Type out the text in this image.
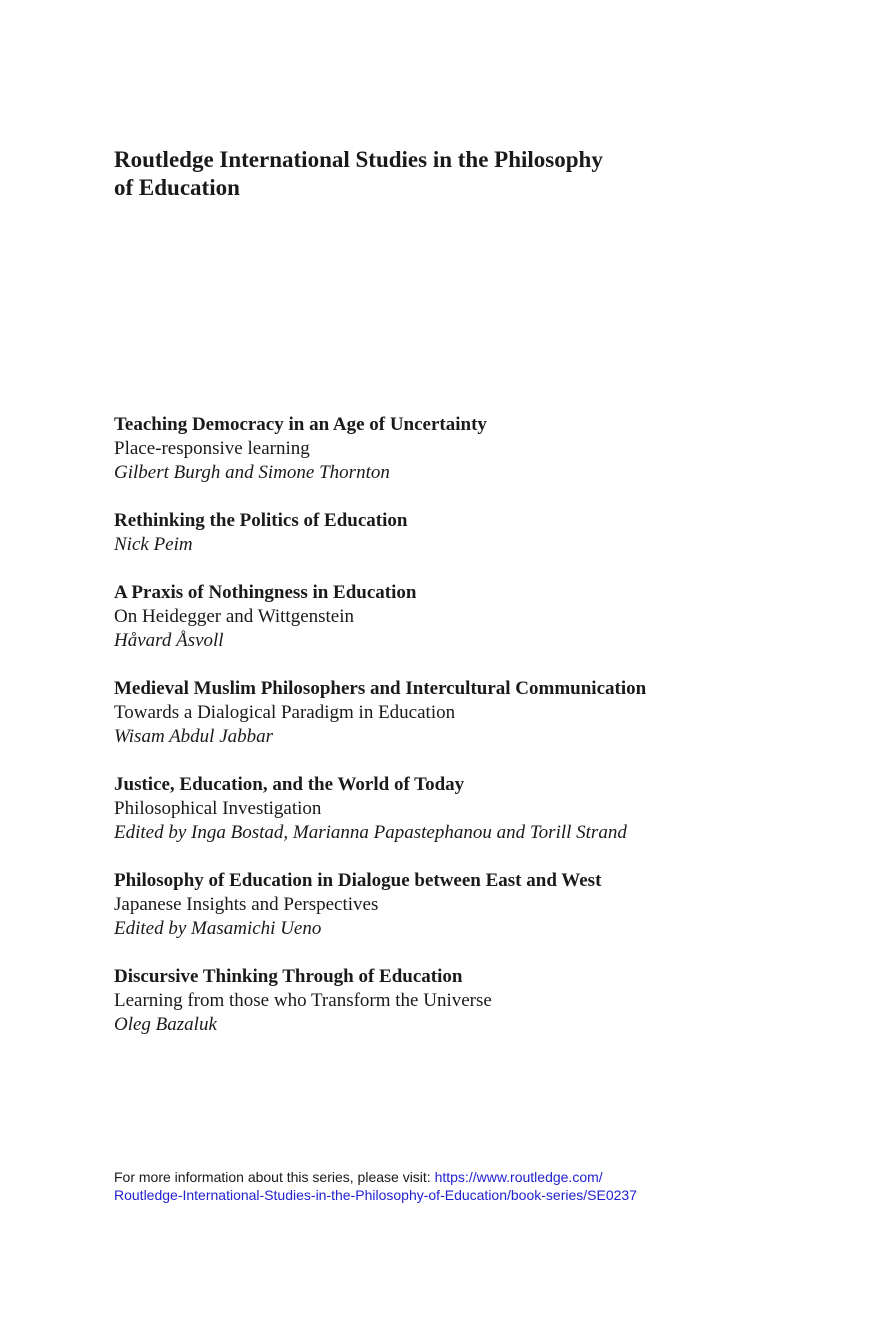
Routledge International Studies in the Philosophy
of Education
Teaching Democracy in an Age of Uncertainty
Place-responsive learning
Gilbert Burgh and Simone Thornton
Rethinking the Politics of Education
Nick Peim
A Praxis of Nothingness in Education
On Heidegger and Wittgenstein
Håvard Åsvoll
Medieval Muslim Philosophers and Intercultural Communication
Towards a Dialogical Paradigm in Education
Wisam Abdul Jabbar
Justice, Education, and the World of Today
Philosophical Investigation
Edited by Inga Bostad, Marianna Papastephanou and Torill Strand
Philosophy of Education in Dialogue between East and West
Japanese Insights and Perspectives
Edited by Masamichi Ueno
Discursive Thinking Through of Education
Learning from those who Transform the Universe
Oleg Bazaluk
For more information about this series, please visit: https://www.routledge.com/
Routledge-International-Studies-in-the-Philosophy-of-Education/book-series/SE0237
